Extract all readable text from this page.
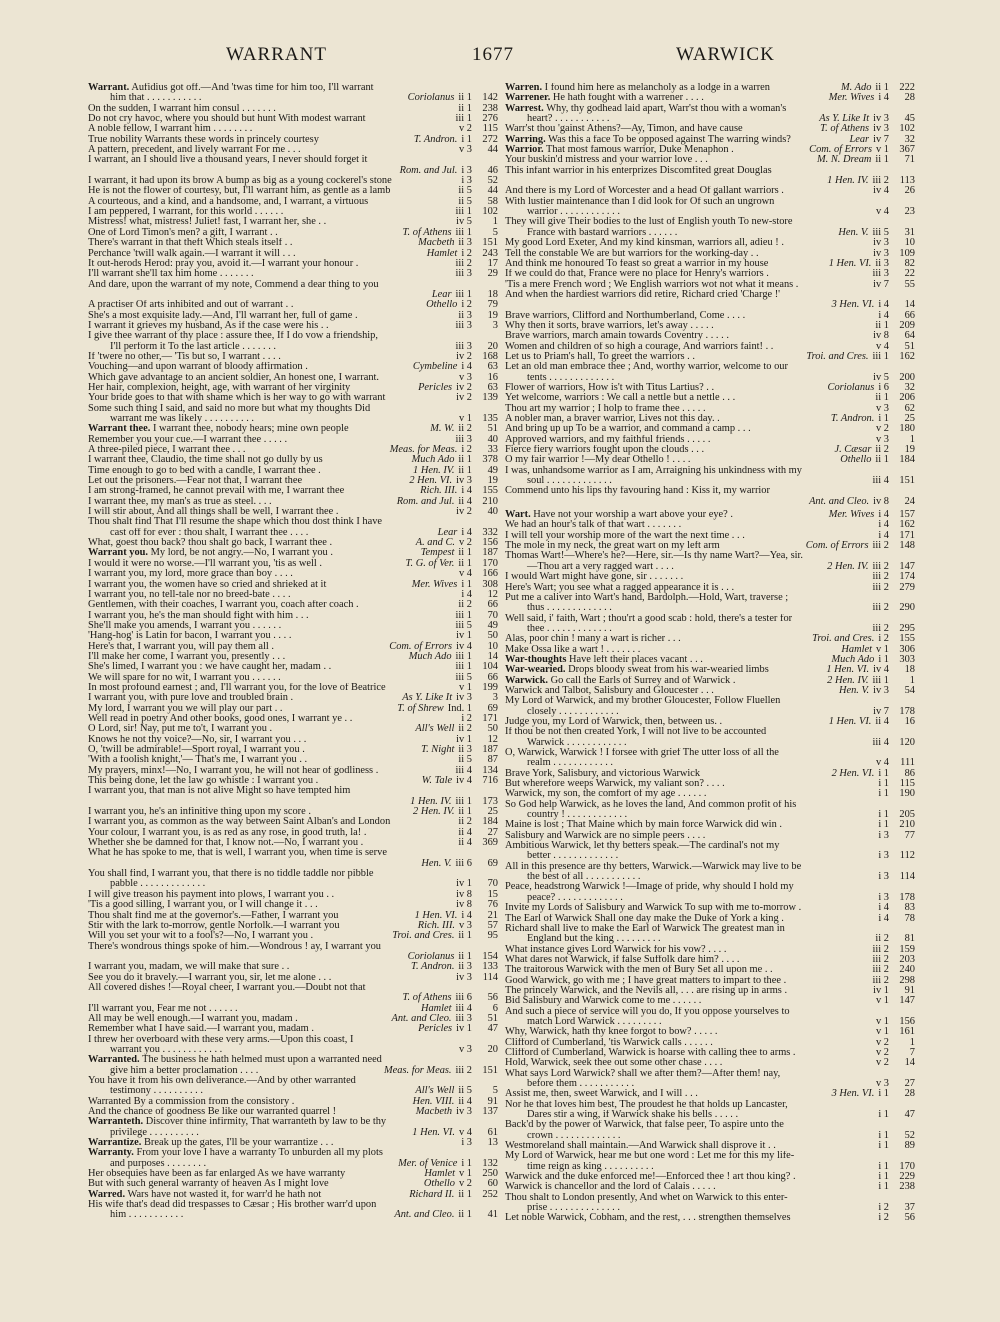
WARRANT	1677	WARWICK
Warrant. Aufidius got off.—And 'twas time for him too, I'll warrant
him that . . . . . . . . . . .	Coriolanus ii 1	142
On the sudden, I warrant him consul . . . . . . .	ii 1	238
Do not cry havoc, where you should but hunt With modest warrant	iii 1	276
A noble fellow, I warrant him . . . . . . . .	v 2	115
True nobility Warrants these words in princely courtesy	T. Andron. i 1	272
A pattern, precedent, and lively warrant For me . . .	v 3	44
I warrant, an I should live a thousand years, I never should forget it
Rom. and Jul. i 3	46
I warrant, it had upon its brow A bump as big as a young cockerel's stone	i 3	52
He is not the flower of courtesy, but, I'll warrant him, as gentle as a lamb	ii 5	44
A courteous, and a kind, and a handsome, and, I warrant, a virtuous	ii 5	58
I am peppered, I warrant, for this world . . . . . .	iii 1	102
Mistress! what, mistress! Juliet! fast, I warrant her, she . .	iv 5	1
One of Lord Timon's men? a gift, I warrant . .	T. of Athens iii 1	5
There's warrant in that theft Which steals itself . .	Macbeth ii 3	151
Perchance 'twill walk again.—I warrant it will . . .	Hamlet i 2	243
It out-herods Herod: pray you, avoid it.—I warrant your honour .	iii 2	17
I'll warrant she'll tax him home . . . . . . .	iii 3	29
And dare, upon the warrant of my note, Commend a dear thing to you
Lear iii 1	18
A practiser Of arts inhibited and out of warrant . .	Othello i 2	79
She's a most exquisite lady.—And, I'll warrant her, full of game .	ii 3	19
I warrant it grieves my husband, As if the case were his . .	iii 3	3
I give thee warrant of thy place : assure thee, If I do vow a friendship,
I'll perform it To the last article . . . . . . .	iii 3	20
If 'twere no other,— 'Tis but so, I warrant . . . .	iv 2	168
Vouching—and upon warrant of bloody affirmation .	Cymbeline i 4	63
Which gave advantage to an ancient soldier, An honest one, I warrant.	v 3	16
Her hair, complexion, height, age, with warrant of her virginity	Pericles iv 2	63
Your bride goes to that with shame which is her way to go with warrant	iv 2	139
Some such thing I said, and said no more but what my thoughts Did
warrant me was likely . . . . . . . . . .	v 1	135
Warrant thee. I warrant thee, nobody hears; mine own people	M. W. ii 2	51
Remember you your cue.—I warrant thee . . . . .	iii 3	40
A three-piled piece, I warrant thee . . .	Meas. for Meas. i 2	33
I warrant thee, Claudio, the time shall not go dully by us	Much Ado ii 1	378
Time enough to go to bed with a candle, I warrant thee .	1 Hen. IV. ii 1	49
Let out the prisoners.—Fear not that, I warrant thee	2 Hen. VI. iv 3	19
I am strong-framed, he cannot prevail with me, I warrant thee	Rich. III. i 4	155
I warrant thee, my man's as true as steel. . . .	Rom. and Jul. ii 4	210
I will stir about, And all things shall be well, I warrant thee .	iv 2	40
Thou shalt find That I'll resume the shape which thou dost think I have
cast off for ever : thou shalt, I warrant thee . . . .	Lear i 4	332
What, goest thou back? thou shalt go back, I warrant thee .	A. and C. v 2	156
Warrant you. My lord, be not angry.—No, I warrant you .	Tempest ii 1	187
I would it were no worse.—I'll warrant you, 'tis as well .	T. G. of Ver. ii 1	170
I warrant you, my lord, more grace than boy . . . .	v 4	166
I warrant you, the women have so cried and shrieked at it	Mer. Wives i 1	308
I warrant you, no tell-tale nor no breed-bate . . . .	i 4	12
Gentlemen, with their coaches, I warrant you, coach after coach .	ii 2	66
I warrant you, he's the man should fight with him . . .	iii 1	70
She'll make you amends, I warrant you . . . . . .	iii 5	49
'Hang-hog' is Latin for bacon, I warrant you . . . .	iv 1	50
Here's that, I warrant you, will pay them all .	Com. of Errors iv 4	10
I'll make her come, I warrant you, presently . . .	Much Ado iii 1	14
She's limed, I warrant you : we have caught her, madam . .	iii 1	104
We will spare for no wit, I warrant you . . . . . .	iii 5	66
In most profound earnest ; and, I'll warrant you, for the love of Beatrice	v 1	199
I warrant you, with pure love and troubled brain .	As Y. Like It iv 3	3
My lord, I warrant you we will play our part . .	T. of Shrew Ind. 1	69
Well read in poetry And other books, good ones, I warrant ye . .	i 2	171
O Lord, sir! Nay, put me to't, I warrant you .	All's Well ii 2	50
Knows he not thy voice?—No, sir, I warrant you . . .	iv 1	12
O, 'twill be admirable!—Sport royal, I warrant you .	T. Night ii 3	187
'With a foolish knight,'— That's me, I warrant you . .	ii 5	87
My prayers, minx!—No, I warrant you, he will not hear of godliness .	iii 4	134
This being done, let the law go whistle : I warrant you .	W. Tale iv 4	716
I warrant you, that man is not alive Might so have tempted him
1 Hen. IV. iii 1	173
I warrant you, he's an infinitive thing upon my score .	2 Hen. IV. ii 1	25
I warrant you, as common as the way between Saint Alban's and London	ii 2	184
Your colour, I warrant you, is as red as any rose, in good truth, la! .	ii 4	27
Whether she be damned for that, I know not.—No, I warrant you .	ii 4	369
What he has spoke to me, that is well, I warrant you, when time is serve
Hen. V. iii 6	69
You shall find, I warrant you, that there is no tiddle taddle nor pibble
pabble . . . . . . . . . . . . .	iv 1	70
I will give treason his payment into plows, I warrant you . .	iv 8	15
'Tis a good silling, I warrant you, or I will change it . . .	iv 8	76
Thou shalt find me at the governor's.—Father, I warrant you	1 Hen. VI. i 4	21
Stir with the lark to-morrow, gentle Norfolk.—I warrant you	Rich. III. v 3	57
Will you set your wit to a fool's?—No, I warrant you .	Troi. and Cres. ii 1	95
There's wondrous things spoke of him.—Wondrous ! ay, I warrant you
Coriolanus ii 1	154
I warrant you, madam, we will make that sure . .	T. Andron. ii 3	133
See you do it bravely.—I warrant you, sir, let me alone . . .	iv 3	114
All covered dishes !—Royal cheer, I warrant you.—Doubt not that
T. of Athens iii 6	56
I'll warrant you, Fear me not . . . . . .	Hamlet iii 4	6
All may be well enough.—I warrant you, madam .	Ant. and Cleo. iii 3	51
Remember what I have said.—I warrant you, madam .	Pericles iv 1	47
I threw her overboard with these very arms.—Upon this coast, I
warrant you . . . . . . . . . . . .	v 3	20
Warranted. The business he hath helmed must upon a warranted need
give him a better proclamation . . . .	Meas. for Meas. iii 2	151
You have it from his own deliverance.—And by other warranted
testimony . . . . . . . . . .	All's Well ii 5	5
Warranted By a commission from the consistory .	Hen. VIII. ii 4	91
And the chance of goodness Be like our warranted quarrel !	Macbeth iv 3	137
Warranteth. Discover thine infirmity, That warranteth by law to be thy
privilege . . . . . . . . . .	1 Hen. VI. v 4	61
Warrantize. Break up the gates, I'll be your warrantize . . .	i 3	13
Warranty. From your love I have a warranty To unburden all my plots
and purposes . . . . . . . .	Mer. of Venice i 1	132
Her obsequies have been as far enlarged As we have warranty	Hamlet v 1	250
But with such general warranty of heaven As I might love	Othello v 2	60
Warred. Wars have not wasted it, for warr'd he hath not	Richard II. ii 1	252
His wife that's dead did trespasses to Cæsar ; His brother warr'd upon
him . . . . . . . . . . .	Ant. and Cleo. ii 1	41
Warren. I found him here as melancholy as a lodge in a warren	M. Ado ii 1	222
Warrener. He hath fought with a warrener . . . .	Mer. Wives i 4	28
Warrest. Why, thy godhead laid apart, Warr'st thou with a woman's
heart? . . . . . . . . . . .	As Y. Like It iv 3	45
Warr'st thou 'gainst Athens?—Ay, Timon, and have cause	T. of Athens iv 3	102
Warring. Was this a face To be opposed against The warring winds?	Lear iv 7	32
Warrior. That most famous warrior, Duke Menaphon .	Com. of Errors v 1	367
Your buskin'd mistress and your warrior love . . .	M. N. Dream ii 1	71
This infant warrior in his enterprizes Discomfited great Douglas
1 Hen. IV. iii 2	113
And there is my Lord of Worcester and a head Of gallant warriors .	iv 4	26
With lustier maintenance than I did look for Of such an ungrown
warrior . . . . . . . . . . . .	v 4	23
They will give Their bodies to the lust of English youth To new-store
France with bastard warriors . . . . . .	Hen. V. iii 5	31
My good Lord Exeter, And my kind kinsman, warriors all, adieu ! .	iv 3	10
Tell the constable We are but warriors for the working-day . .	iv 3	109
And think me honoured To feast so great a warrior in my house	1 Hen. VI. ii 3	82
If we could do that, France were no place for Henry's warriors .	iii 3	22
'Tis a mere French word ; We English warriors wot not what it means .	iv 7	55
And when the hardiest warriors did retire, Richard cried 'Charge !'
3 Hen. VI. i 4	14
Brave warriors, Clifford and Northumberland, Come . . . .	i 4	66
Why then it sorts, brave warriors, let's away . . . . .	ii 1	209
Brave warriors, march amain towards Coventry . . . . .	iv 8	64
Women and children of so high a courage, And warriors faint! . .	v 4	51
Let us to Priam's hall, To greet the warriors . .	Troi. and Cres. iii 1	162
Let an old man embrace thee ; And, worthy warrior, welcome to our
tents . . . . . . . . . . . . .	iv 5	200
Flower of warriors, How is't with Titus Lartius? . .	Coriolanus i 6	32
Yet welcome, warriors : We call a nettle but a nettle . . .	ii 1	206
Thou art my warrior ; I holp to frame thee . . . . .	v 3	62
A nobler man, a braver warrior, Lives not this day. .	T. Andron. i 1	25
And bring up up To be a warrior, and command a camp . . .	v 2	180
Approved warriors, and my faithful friends . . . . .	v 3	1
Fierce fiery warriors fought upon the clouds . . .	J. Cæsar ii 2	19
O my fair warrior !—My dear Othello ! . . . .	Othello ii 1	184
I was, unhandsome warrior as I am, Arraigning his unkindness with my
soul . . . . . . . . . . . . .	iii 4	151
Commend unto his lips thy favouring hand : Kiss it, my warrior
Ant. and Cleo. iv 8	24
Wart. Have not your worship a wart above your eye? .	Mer. Wives i 4	157
We had an hour's talk of that wart . . . . . . .	i 4	162
I will tell your worship more of the wart the next time . . .	i 4	171
The mole in my neck, the great wart on my left arm	Com. of Errors iii 2	148
Thomas Wart!—Where's he?—Here, sir.—Is thy name Wart?—Yea, sir.
—Thou art a very ragged wart . . . .	2 Hen. IV. iii 2	147
I would Wart might have gone, sir . . . . . . .	iii 2	174
Here's Wart; you see what a ragged appearance it is . . .	iii 2	279
Put me a caliver into Wart's hand, Bardolph.—Hold, Wart, traverse ;
thus . . . . . . . . . . . . .	iii 2	290
Well said, i' faith, Wart ; thou'rt a good scab : hold, there's a tester for
thee . . . . . . . . . . . . .	iii 2	295
Alas, poor chin ! many a wart is richer . . .	Troi. and Cres. i 2	155
Make Ossa like a wart ! . . . . . . .	Hamlet v 1	306
War-thoughts Have left their places vacant . . .	Much Ado i 1	303
War-wearied. Drops bloody sweat from his war-wearied limbs	1 Hen. VI. iv 4	18
Warwick. Go call the Earls of Surrey and of Warwick .	2 Hen. IV. iii 1	1
Warwick and Talbot, Salisbury and Gloucester . . .	Hen. V. iv 3	54
My Lord of Warwick, and my brother Gloucester, Follow Fluellen
closely . . . . . . . . . . . .	iv 7	178
Judge you, my Lord of Warwick, then, between us. .	1 Hen. VI. ii 4	16
If thou be not then created York, I will not live to be accounted
Warwick . . . . . . . . . . . .	iii 4	120
O, Warwick, Warwick ! I forsee with grief The utter loss of all the
realm . . . . . . . . . . . .	v 4	111
Brave York, Salisbury, and victorious Warwick	2 Hen. VI. i 1	86
But wherefore weeps Warwick, my valiant son? . . . .	i 1	115
Warwick, my son, the comfort of my age . . . . . .	i 1	190
So God help Warwick, as he loves the land, And common profit of his
country ! . . . . . . . . . . . .	i 1	205
Maine is lost ; That Maine which by main force Warwick did win .	i 1	210
Salisbury and Warwick are no simple peers . . . .	i 3	77
Ambitious Warwick, let thy betters speak.—The cardinal's not my
better . . . . . . . . . . . . .	i 3	112
All in this presence are thy betters, Warwick.—Warwick may live to be
the best of all . . . . . . . . . . .	i 3	114
Peace, headstrong Warwick !—Image of pride, why should I hold my
peace? . . . . . . . . . . . . .	i 3	178
Invite my Lords of Salisbury and Warwick To sup with me to-morrow .	i 4	83
The Earl of Warwick Shall one day make the Duke of York a king .	i 4	78
Richard shall live to make the Earl of Warwick The greatest man in
England but the king . . . . . . . . .	ii 2	81
What instance gives Lord Warwick for his vow? . . . .	iii 2	159
What dares not Warwick, if false Suffolk dare him? . . . .	iii 2	203
The traitorous Warwick with the men of Bury Set all upon me . .	iii 2	240
Good Warwick, go with me ; I have great matters to impart to thee .	iii 2	298
The princely Warwick, and the Nevils all, . . . are rising up in arms .	iv 1	91
Bid Salisbury and Warwick come to me . . . . . .	v 1	147
And such a piece of service will you do, If you oppose yourselves to
match Lord Warwick . . . . . . . . .	v 1	156
Why, Warwick, hath thy knee forgot to bow? . . . . .	v 1	161
Clifford of Cumberland, 'tis Warwick calls . . . . . .	v 2	1
Clifford of Cumberland, Warwick is hoarse with calling thee to arms .	v 2	7
Hold, Warwick, seek thee out some other chase . . . .	v 2	14
What says Lord Warwick? shall we after them?—After them! nay,
before them . . . . . . . . . . .	v 3	27
Assist me, then, sweet Warwick, and I will . . .	3 Hen. VI. i 1	28
Nor he that loves him best, The proudest he that holds up Lancaster,
Dares stir a wing, if Warwick shake his bells . . . . .	i 1	47
Back'd by the power of Warwick, that false peer, To aspire unto the
crown . . . . . . . . . . . . .	i 1	52
Westmoreland shall maintain.—And Warwick shall disprove it . .	i 1	89
My Lord of Warwick, hear me but one word : Let me for this my life-
time reign as king . . . . . . . . . .	i 1	170
Warwick and the duke enforced me!—Enforced thee ! art thou king? .	i 1	229
Warwick is chancellor and the lord of Calais . . . . .	i 1	238
Thou shalt to London presently, And whet on Warwick to this enter-
prise . . . . . . . . . . . . . .	i 2	37
Let noble Warwick, Cobham, and the rest, . . . strengthen themselves	i 2	56
